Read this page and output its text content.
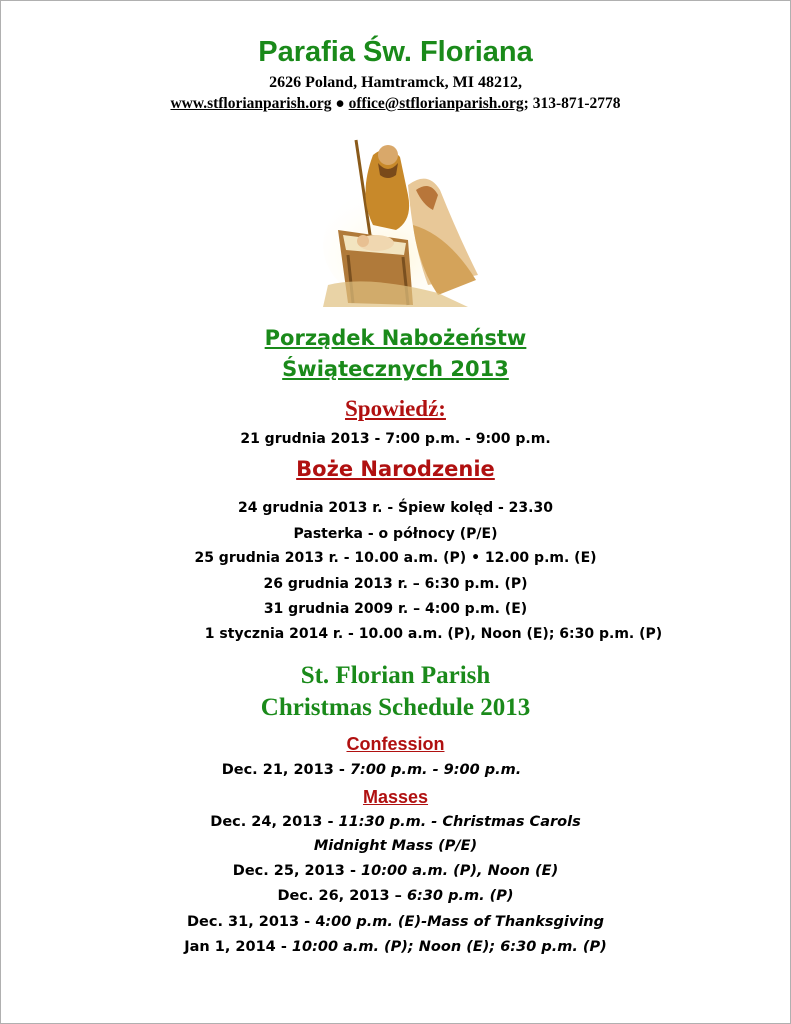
Parafia Św. Floriana
2626 Poland, Hamtramck, MI 48212,
www.stflorianparish.org ● office@stflorianparish.org; 313-871-2778
Porządek Nabożeństw
Świątecznych 2013
Spowiedź:
21 grudnia 2013 - 7:00 p.m. - 9:00 p.m.
Boże Narodzenie
24 grudnia 2013 r. - Śpiew kolęd - 23.30
Pasterka - o północy (P/E)
25 grudnia 2013 r. - 10.00 a.m. (P) • 12.00 p.m. (E)
26 grudnia 2013 r. – 6:30 p.m. (P)
31 grudnia 2009 r. – 4:00 p.m. (E)
1 stycznia 2014 r. - 10.00 a.m. (P), Noon (E); 6:30 p.m. (P)
St. Florian Parish
Christmas Schedule 2013
Confession
Dec. 21, 2013 - 7:00 p.m. - 9:00 p.m.
Masses
Dec. 24, 2013 - 11:30 p.m. - Christmas Carols
Midnight Mass (P/E)
Dec. 25, 2013 - 10:00 a.m. (P), Noon (E)
Dec. 26, 2013 – 6:30 p.m. (P)
Dec. 31, 2013 - 4:00 p.m. (E)-Mass of Thanksgiving
Jan 1, 2014 - 10:00 a.m. (P); Noon (E); 6:30 p.m. (P)
